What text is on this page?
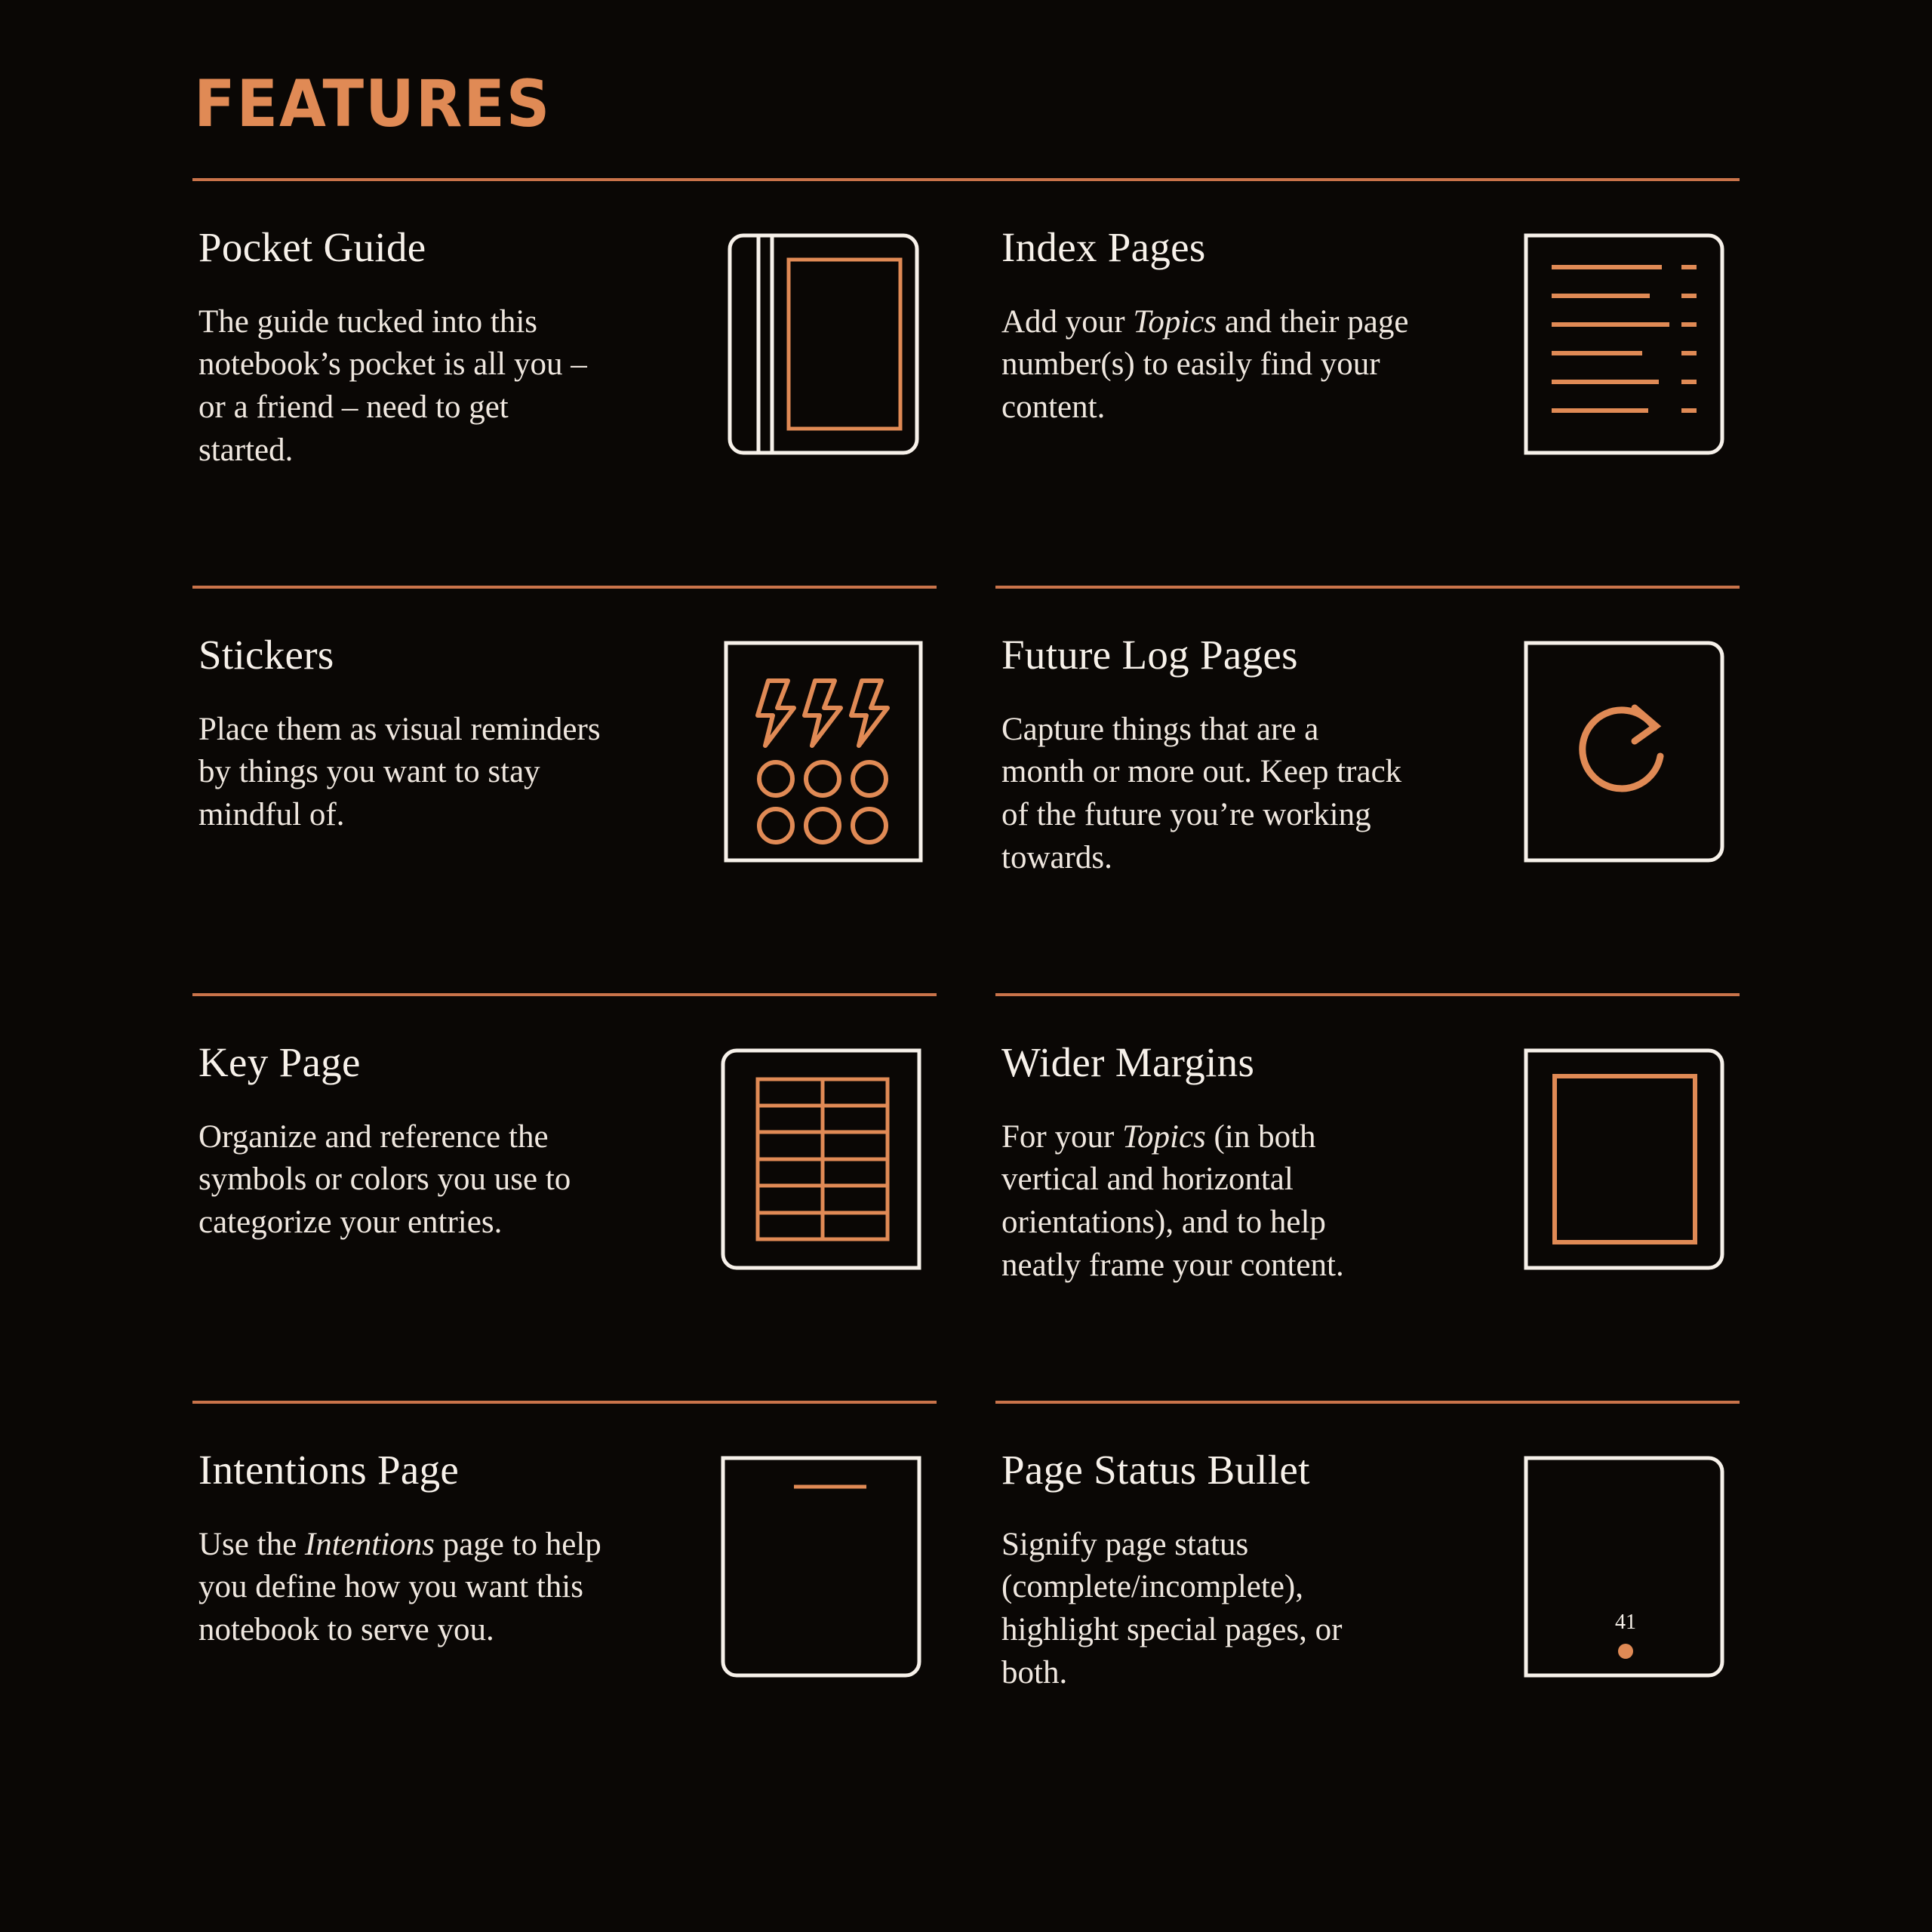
FEATURES
Pocket Guide

The guide tucked into this notebook’s pocket is all you – or a friend – need to get started.

Index Pages

Add your Topics and their page number(s) to easily find your content.

Stickers

Place them as visual reminders by things you want to stay mindful of.

Future Log Pages

Capture things that are a month or more out. Keep track of the future you’re working towards.

Key Page

Organize and reference the symbols or colors you use to categorize your entries.

Wider Margins

For your Topics (in both vertical and horizontal orientations), and to help neatly frame your content.

Intentions Page

Use the Intentions page to help you define how you want this notebook to serve you.

Page Status Bullet

Signify page status (complete/incomplete), highlight special pages, or both.

41
